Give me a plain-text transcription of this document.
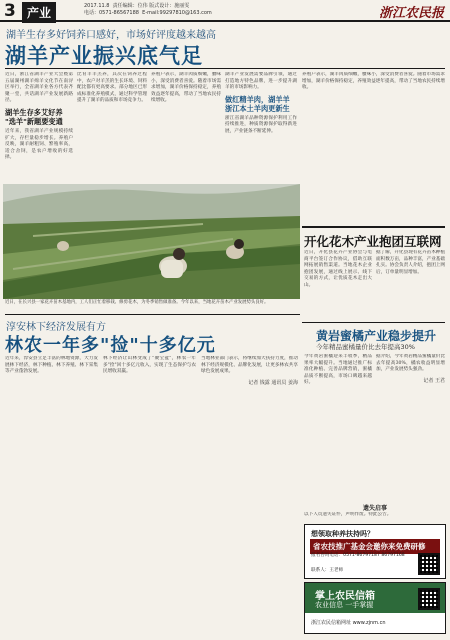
3 产业	2017.11.8 责任编辑：位伟 版式设计：施丽雯
电话：0571-86567188 E-mail:99297810@163.com	浙江农民报
湖羊生存多好饲养口感好，市场好评度越来越高
湖羊产业振兴底气足
近日，浙江省湖羊产业大会暨第五届湖州湖羊绵羊文化节在南浔区举行，全省湖羊业各方代表齐聚一堂，共话湖羊产业发展新路径。
湖羊生存多艾好养
"选羊"新题要变通
近年来，我省湖羊产业规模持续扩大，存栏量稳步增长。养殖户反映，湖羊耐粗饲、繁殖率高，适合舍饲，是农户增收的好选择。
比育羊羊羔养，其次在饲养过程中，农户对羊羔的生长环境、饲料配比都有更高要求。部分地区已形成标准化养殖模式，通过科学管理提升了湖羊的品质和市场竞争力。
养殖户表示，湖羊肉质细嫩，膻味小，深受消费者喜爱。随着市场需求增加，湖羊价格保持稳定，养殖效益逐年提高，带动了当地农民持续增收。
湖羊产业发展需要品牌引领，通过打造地方特色品牌，进一步提升湖羊的市场影响力。
做红精羊肉，湖羊羊
浙江本土羊肉更新生
浙江省湖羊品种资源保护利用工作持续推进，种质资源保护取得新进展，产业链条不断延伸。
养殖户表示，湖羊肉质细嫩，膻味小，深受消费者喜爱。随着市场需求增加，湖羊价格保持稳定，养殖效益逐年提高，带动了当地农民持续增收。
近日，在长兴县一家花卉苗木基地内，工人们正忙着移栽、修剪花木，为冬季销售做准备。今年以来，当地花卉苗木产业发展势头良好。
开化花木产业抱团互联网
近日，开化县花卉产业协会与电商平台签订合作协议，借助互联网拓展销售渠道。当地花木企业抱团发展，通过线上展示、线下交易的方式，让优质花木走出大山。
据了解，开化县现有花卉苗木种植面积数万亩，品种丰富，产业基础扎实。协会负责人介绍，抱团上网后，订单量明显增加。
黄岩蜜橘产业稳步提升
今年精品蜜橘量价比去年提高30%
今年黄岩蜜橘迎来丰收季，精品果率大幅提升。当地通过推广标准化种植、完善品牌营销，蜜橘品质不断提高，市场口碑越来越好。
据介绍，今年黄岩精品蜜橘量价比去年提高30%，橘农收益明显增加，产业发展势头强劲。
记者 王君
淳安林下经济发展有方
林农一年多"捡"十多亿元
近年来，淳安县立足丰富的林地资源，大力发展林下经济，林下种植、林下养殖、林下采集等产业蓬勃发展。
林下经济让山林变成了"聚宝盆"，林农一年多"捡"回十多亿元收入，实现了生态保护与农民增收双赢。
当地林业部门表示，将继续加大扶持力度，推动林下经济规模化、品牌化发展，让更多林农共享绿色发展成果。
记者 钱露 通讯员 姜海
遗失启事
以下人员遗失证件，声明作废。特此公告。
想领取种养扶持吗？
省农技推广基金会邀你来免费研修
报名咨询电话：0571-86797187 86797168
联系人：王老师
掌上农民信箱
农业信息 一手掌握
浙江农民信箱网址 www.zjnm.cn
